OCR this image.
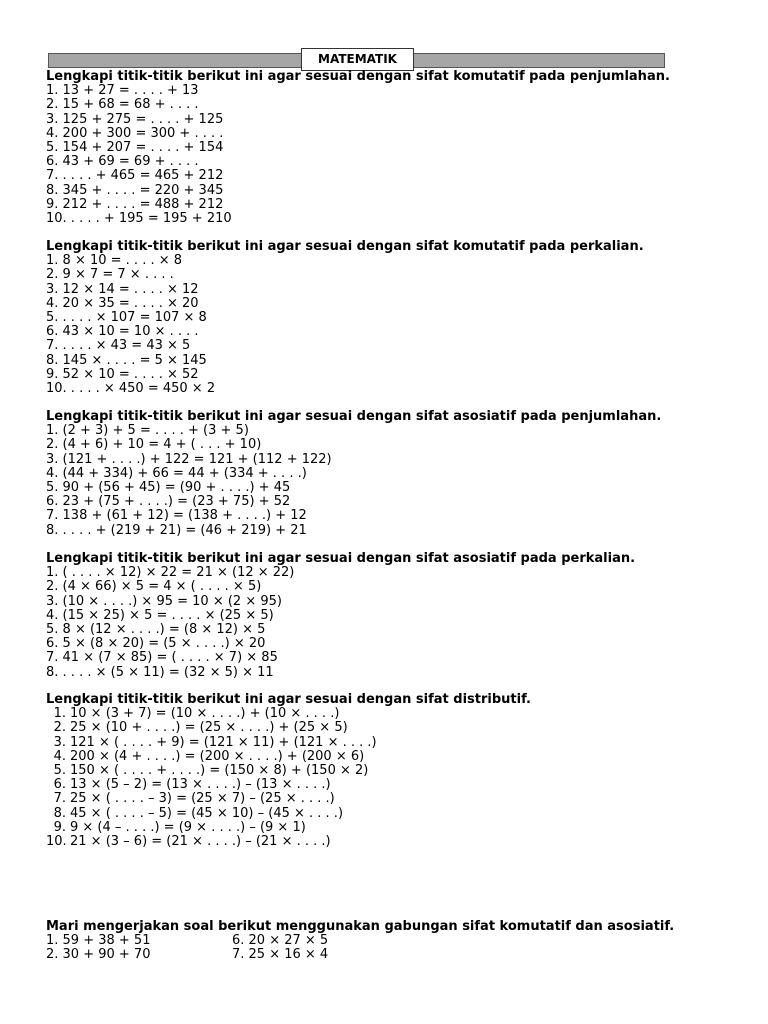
MATEMATIK
Lengkapi titik-titik berikut ini agar sesuai dengan sifat komutatif pada penjumlahan.
1. 13 + 27 = . . . . + 13
2. 15 + 68 = 68 + . . . .
3. 125 + 275 = . . . . + 125
4. 200 + 300 = 300 + . . . .
5. 154 + 207 = . . . . + 154
6. 43 + 69 = 69 + . . . .
7. . . . . + 465 = 465 + 212
8. 345 + . . . . = 220 + 345
9. 212 + . . . . = 488 + 212
10. . . . . + 195 = 195 + 210
Lengkapi titik-titik berikut ini agar sesuai dengan sifat komutatif pada perkalian.
1. 8 × 10 = . . . . × 8
2. 9 × 7 = 7 × . . . .
3. 12 × 14 = . . . . × 12
4. 20 × 35 = . . . . × 20
5. . . . . × 107 = 107 × 8
6. 43 × 10 = 10 × . . . .
7. . . . . × 43 = 43 × 5
8. 145 × . . . . = 5 × 145
9. 52 × 10 = . . . . × 52
10. . . . . × 450 = 450 × 2
Lengkapi titik-titik berikut ini agar sesuai dengan sifat asosiatif pada penjumlahan.
1. (2 + 3) + 5 = . . . . + (3 + 5)
2. (4 + 6) + 10 = 4 + ( . . . + 10)
3. (121 + . . . .) + 122 = 121 + (112 + 122)
4. (44 + 334) + 66 = 44 + (334 + . . . .)
5. 90 + (56 + 45) = (90 + . . . .) + 45
6. 23 + (75 + . . . .) = (23 + 75) + 52
7. 138 + (61 + 12) = (138 + . . . .) + 12
8. . . . . + (219 + 21) = (46 + 219) + 21
Lengkapi titik-titik berikut ini agar sesuai dengan sifat asosiatif pada perkalian.
1. ( . . . . × 12) × 22 = 21 × (12 × 22)
2. (4 × 66) × 5 = 4 × ( . . . . × 5)
3. (10 × . . . .) × 95 = 10 × (2 × 95)
4. (15 × 25) × 5 = . . . . × (25 × 5)
5. 8 × (12 × . . . .) = (8 × 12) × 5
6. 5 × (8 × 20) = (5 × . . . .) × 20
7. 41 × (7 × 85) = ( . . . . × 7) × 85
8. . . . . × (5 × 11) = (32 × 5) × 11
Lengkapi titik-titik berikut ini agar sesuai dengan sifat distributif.
1. 10 × (3 + 7) = (10 × . . . .) + (10 × . . . .)
2. 25 × (10 + . . . .) = (25 × . . . .) + (25 × 5)
3. 121 × ( . . . . + 9) = (121 × 11) + (121 × . . . .)
4. 200 × (4 + . . . .) = (200 × . . . .) + (200 × 6)
5. 150 × ( . . . . + . . . .) = (150 × 8) + (150 × 2)
6. 13 × (5 – 2) = (13 × . . . .) – (13 × . . . .)
7. 25 × ( . . . . – 3) = (25 × 7) – (25 × . . . .)
8. 45 × ( . . . . – 5) = (45 × 10) – (45 × . . . .)
9. 9 × (4 – . . . .) = (9 × . . . .) – (9 × 1)
10. 21 × (3 – 6) = (21 × . . . .) – (21 × . . . .)
Mari mengerjakan soal berikut menggunakan gabungan sifat komutatif dan asosiatif.
1. 59 + 38 + 51	6. 20 × 27 × 5
2. 30 + 90 + 70	7. 25 × 16 × 4
